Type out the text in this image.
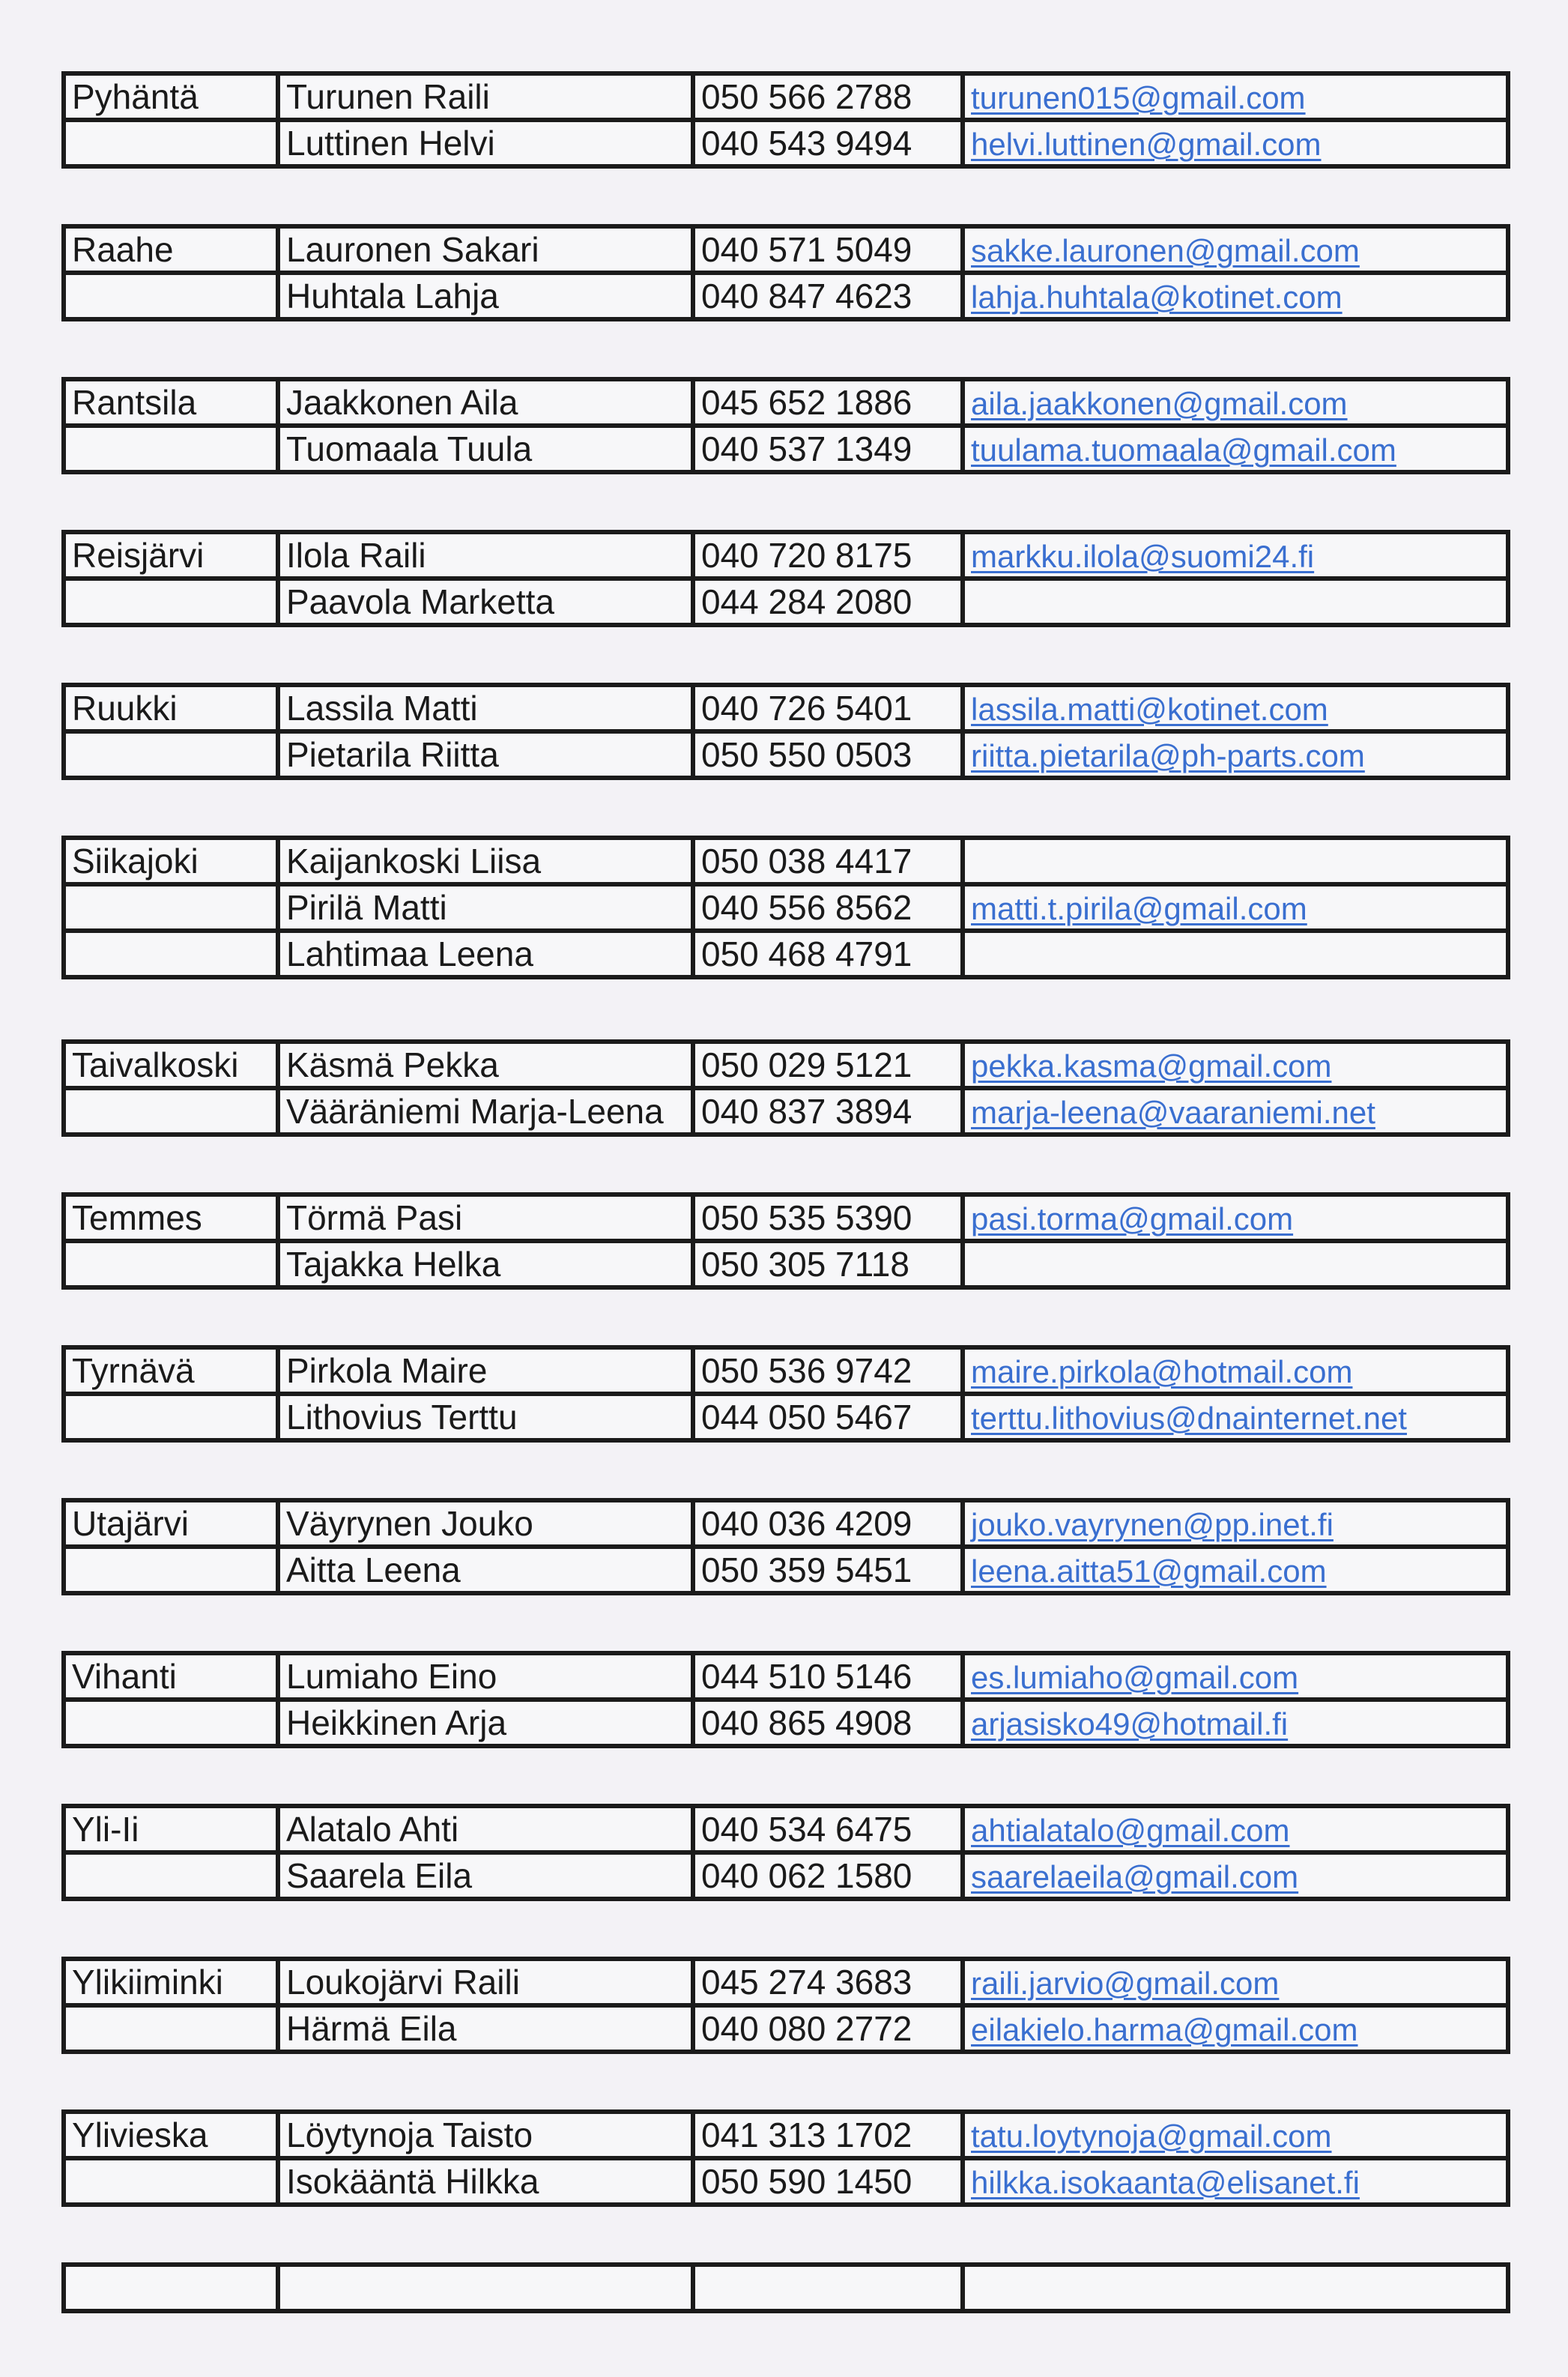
Pyhäntä	Turunen Raili	050 566 2788	turunen015@gmail.com
	Luttinen Helvi	040 543 9494	helvi.luttinen@gmail.com
Raahe	Lauronen Sakari	040 571 5049	sakke.lauronen@gmail.com
	Huhtala Lahja	040 847 4623	lahja.huhtala@kotinet.com
Rantsila	Jaakkonen Aila	045 652 1886	aila.jaakkonen@gmail.com
	Tuomaala Tuula	040 537 1349	tuulama.tuomaala@gmail.com
Reisjärvi	Ilola Raili	040 720 8175	markku.ilola@suomi24.fi
	Paavola Marketta	044 284 2080	
Ruukki	Lassila Matti	040 726 5401	lassila.matti@kotinet.com
	Pietarila Riitta	050 550 0503	riitta.pietarila@ph-parts.com
Siikajoki	Kaijankoski Liisa	050 038 4417	
	Pirilä Matti	040 556 8562	matti.t.pirila@gmail.com
	Lahtimaa Leena	050 468 4791	
Taivalkoski	Käsmä Pekka	050 029 5121	pekka.kasma@gmail.com
	Vääräniemi Marja-Leena	040 837 3894	marja-leena@vaaraniemi.net
Temmes	Törmä Pasi	050 535 5390	pasi.torma@gmail.com
	Tajakka Helka	050 305 7118	
Tyrnävä	Pirkola Maire	050 536 9742	maire.pirkola@hotmail.com
	Lithovius Terttu	044 050 5467	terttu.lithovius@dnainternet.net
Utajärvi	Väyrynen Jouko	040 036 4209	jouko.vayrynen@pp.inet.fi
	Aitta Leena	050 359 5451	leena.aitta51@gmail.com
Vihanti	Lumiaho Eino	044 510 5146	es.lumiaho@gmail.com
	Heikkinen Arja	040 865 4908	arjasisko49@hotmail.fi
Yli-Ii	Alatalo Ahti	040 534 6475	ahtialatalo@gmail.com
	Saarela Eila	040 062 1580	saarelaeila@gmail.com
Ylikiiminki	Loukojärvi Raili	045 274 3683	raili.jarvio@gmail.com
	Härmä Eila	040 080 2772	eilakielo.harma@gmail.com
Ylivieska	Löytynoja Taisto	041 313 1702	tatu.loytynoja@gmail.com
	Isokääntä Hilkka	050 590 1450	hilkka.isokaanta@elisanet.fi
